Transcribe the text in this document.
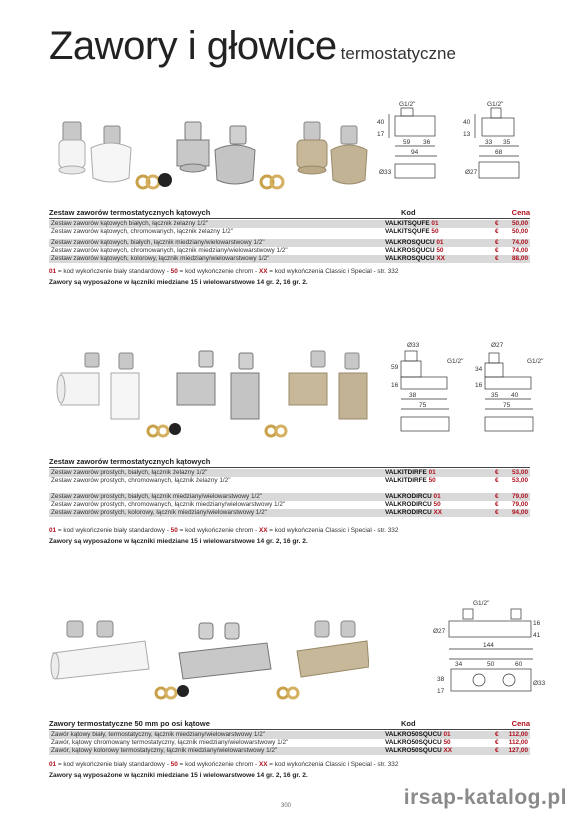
Zawory i głowice termostatyczne
G1/2"
17
40
59 36
94
Ø33
G1/2"
13
40
33 35
68
Ø27
Zestaw zaworów termostatycznych kątowych	Kod	Cena
Zestaw zaworów kątowych białych, łącznik żelazny 1/2"	VALKITSQUFE 01	€ 50,00
Zestaw zaworów kątowych, chromowanych, łącznik żelazny 1/2"	VALKITSQUFE 50	€ 50,00
Zestaw zaworów kątowych, białych, łącznik miedziany/wielowarstwowy 1/2"	VALKROSQUCU 01	€ 74,00
Zestaw zaworów kątowych, chromowanych, łącznik miedziany/wielowarstwowy 1/2"	VALKROSQUCU 50	€ 74,00
Zestaw zaworów kątowych, kolorowy, łącznik miedziany/wielowarstwowy 1/2"	VALKROSQUCU XX	€ 88,00
01 = kod wykończenie biały standardowy - 50 = kod wykończenie chrom - XX = kod wykończenia Classic i Special - str. 332
Zawory są wyposażone w łączniki miedziane 15 i wielowarstwowe 14 gr. 2, 16 gr. 2.
Ø33
59
G1/2"
16
38
75
Ø27
34
16
35 40
G1/2"
75
Zestaw zaworów termostatycznych kątowych
Zestaw zaworów prostych, białych, łącznik żelazny 1/2"	VALKITDIRFE 01	€ 53,00
Zestaw zaworów prostych, chromowanych, łącznik żelazny 1/2"	VALKITDIRFE 50	€ 53,00
Zestaw zaworów prostych, białych, łącznik miedziany/wielowarstwowy 1/2"	VALKRODIRCU 01	€ 79,00
Zestaw zaworów prostych, chromowanych, łącznik miedziany/wielowarstwowy 1/2"	VALKRODIRCU 50	€ 79,00
Zestaw zaworów prostych, kolorowy, łącznik miedziany/wielowarstwowy 1/2"	VALKRODIRCU XX	€ 94,00
01 = kod wykończenie biały standardowy - 50 = kod wykończenie chrom - XX = kod wykończenia Classic i Special - str. 332
Zawory są wyposażone w łączniki miedziane 15 i wielowarstwowe 14 gr. 2, 16 gr. 2.
G1/2"
Ø27
16
41
144
34	50	60
17
38
Ø33
Zawory termostatyczne 50 mm po osi kątowe	Kod	Cena
Zawór kątowy biały, termostatyczny, łącznik miedziany/wielowarstwowy 1/2"	VALKRO50SQUCU 01	€ 112,00
Zawór, kątowy chromowany termostatyczny, łącznik miedziany/wielowarstwowy 1/2"	VALKRO50SQUCU 50	€ 112,00
Zawór, kątowy kolorowy termostatyczny, łącznik miedziany/wielowarstwowy 1/2"	VALKRO50SQUCU XX	€ 127,00
01 = kod wykończenie biały standardowy - 50 = kod wykończenie chrom - XX = kod wykończenia Classic i Special - str. 332
Zawory są wyposażone w łączniki miedziane 15 i wielowarstwowe 14 gr. 2, 16 gr. 2.
300	irsap-katalog.pl
